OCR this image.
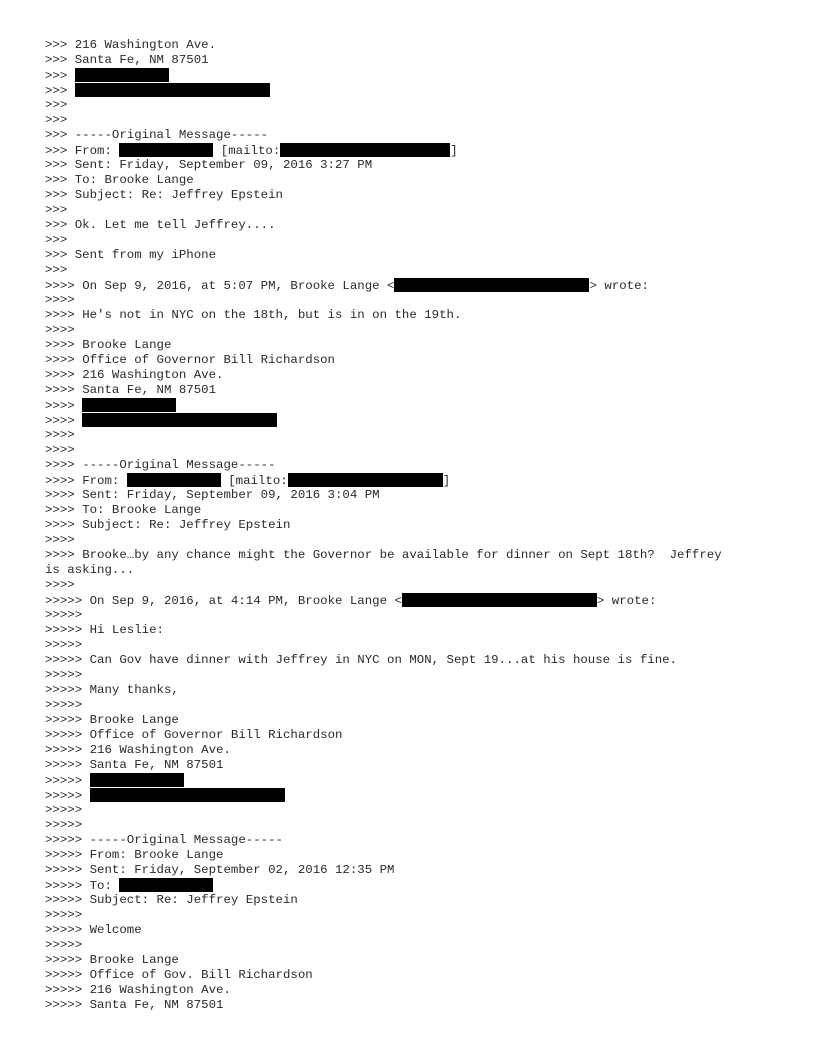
>>> 216 Washington Ave.
>>> Santa Fe, NM 87501
>>>
>>>
>>>
>>>
>>> -----Original Message-----
>>> From:	[mailto:	]
>>> Sent: Friday, September 09, 2016 3:27 PM
>>> To: Brooke Lange
>>> Subject: Re: Jeffrey Epstein
>>>
>>> Ok. Let me tell Jeffrey....
>>>
>>> Sent from my iPhone
>>>
>>>> On Sep 9, 2016, at 5:07 PM, Brooke Lange <	> wrote:
>>>>
>>>> He's not in NYC on the 18th, but is in on the 19th.
>>>>
>>>> Brooke Lange
>>>> Office of Governor Bill Richardson
>>>> 216 Washington Ave.
>>>> Santa Fe, NM 87501
>>>>
>>>>
>>>>
>>>>
>>>> -----Original Message-----
>>>> From:	[mailto:	]
>>>> Sent: Friday, September 09, 2016 3:04 PM
>>>> To: Brooke Lange
>>>> Subject: Re: Jeffrey Epstein
>>>>
>>>> Brooke…by any chance might the Governor be available for dinner on Sept 18th?  Jeffrey
is asking...
>>>>
>>>>> On Sep 9, 2016, at 4:14 PM, Brooke Lange <	> wrote:
>>>>>
>>>>> Hi Leslie:
>>>>>
>>>>> Can Gov have dinner with Jeffrey in NYC on MON, Sept 19...at his house is fine.
>>>>>
>>>>> Many thanks,
>>>>>
>>>>> Brooke Lange
>>>>> Office of Governor Bill Richardson
>>>>> 216 Washington Ave.
>>>>> Santa Fe, NM 87501
>>>>>
>>>>>
>>>>>
>>>>>
>>>>> -----Original Message-----
>>>>> From: Brooke Lange
>>>>> Sent: Friday, September 02, 2016 12:35 PM
>>>>> To:
>>>>> Subject: Re: Jeffrey Epstein
>>>>>
>>>>> Welcome
>>>>>
>>>>> Brooke Lange
>>>>> Office of Gov. Bill Richardson
>>>>> 216 Washington Ave.
>>>>> Santa Fe, NM 87501
